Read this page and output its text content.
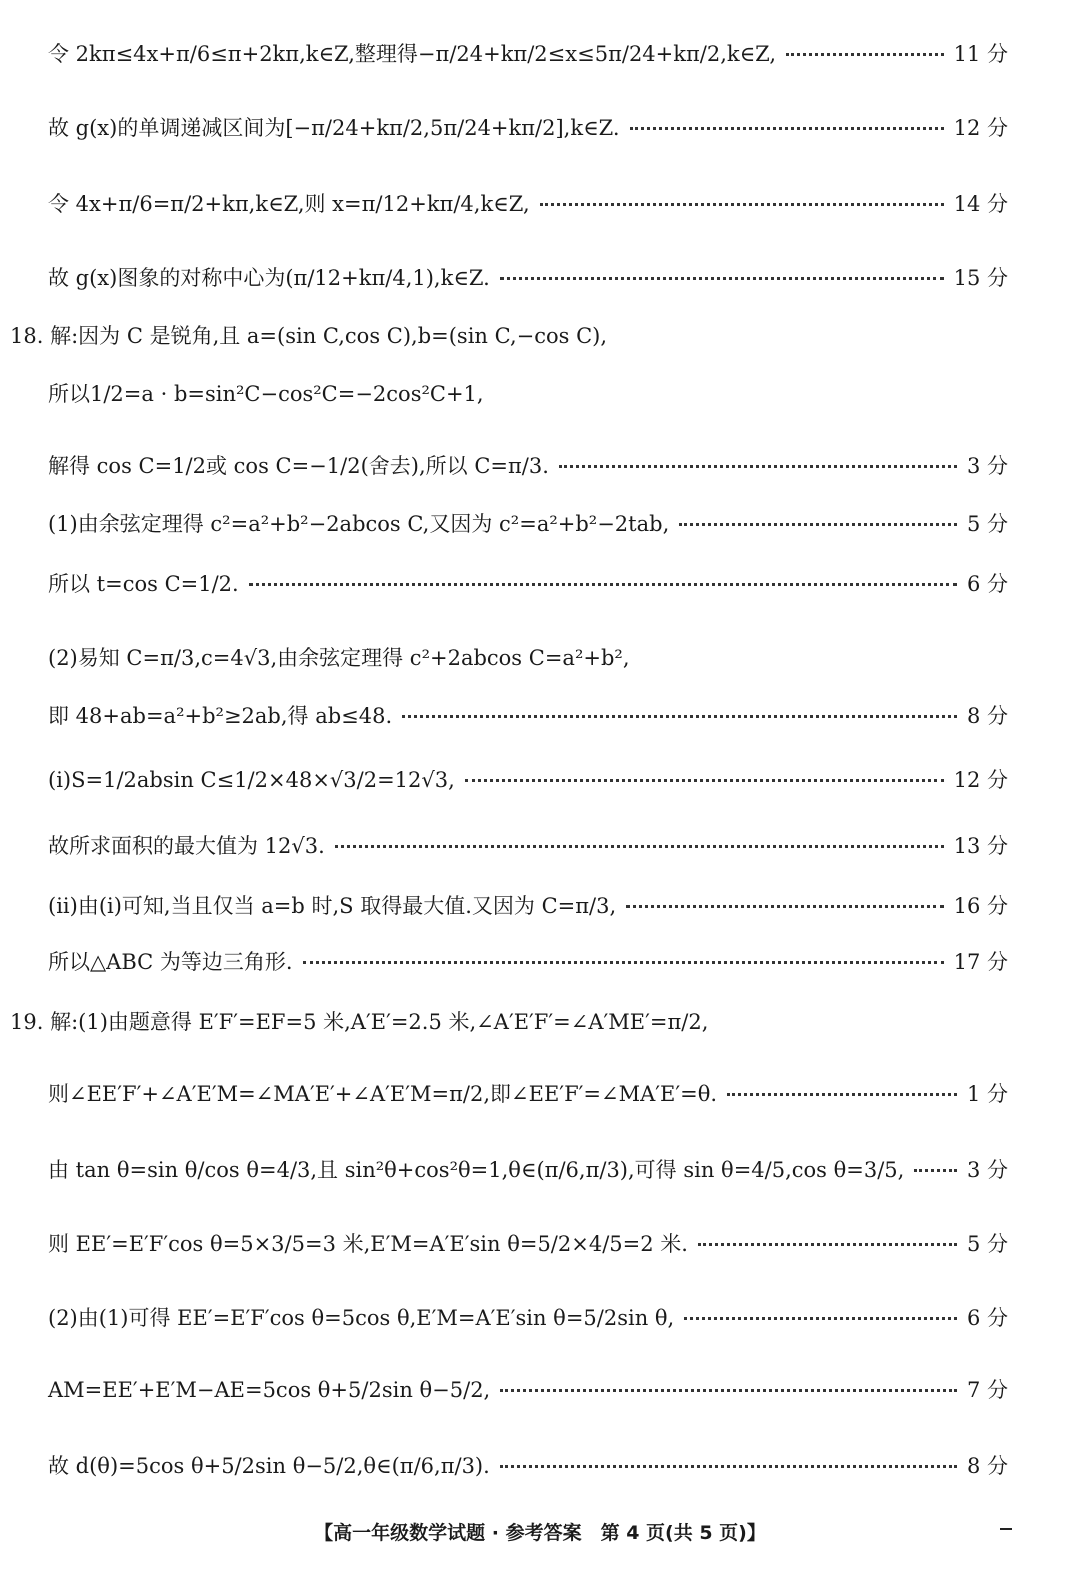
令 2kπ≤4x+π/6≤π+2kπ,k∈Z,整理得−π/24+kπ/2≤x≤5π/24+kπ/2,k∈Z,	11 分
故 g(x)的单调递减区间为[−π/24+kπ/2,5π/24+kπ/2],k∈Z.	12 分
令 4x+π/6=π/2+kπ,k∈Z,则 x=π/12+kπ/4,k∈Z,	14 分
故 g(x)图象的对称中心为(π/12+kπ/4,1),k∈Z.	15 分
18. 解:因为 C 是锐角,且 a=(sin C,cos C),b=(sin C,−cos C),
所以1/2=a · b=sin²C−cos²C=−2cos²C+1,
解得 cos C=1/2或 cos C=−1/2(舍去),所以 C=π/3.	3 分
(1)由余弦定理得 c²=a²+b²−2abcos C,又因为 c²=a²+b²−2tab,	5 分
所以 t=cos C=1/2.	6 分
(2)易知 C=π/3,c=4√3,由余弦定理得 c²+2abcos C=a²+b²,
即 48+ab=a²+b²≥2ab,得 ab≤48.	8 分
(i)S=1/2absin C≤1/2×48×√3/2=12√3,	12 分
故所求面积的最大值为 12√3.	13 分
(ii)由(i)可知,当且仅当 a=b 时,S 取得最大值.又因为 C=π/3,	16 分
所以△ABC 为等边三角形.	17 分
19. 解:(1)由题意得 E′F′=EF=5 米,A′E′=2.5 米,∠A′E′F′=∠A′ME′=π/2,
则∠EE′F′+∠A′E′M=∠MA′E′+∠A′E′M=π/2,即∠EE′F′=∠MA′E′=θ.	1 分
由 tan θ=sin θ/cos θ=4/3,且 sin²θ+cos²θ=1,θ∈(π/6,π/3),可得 sin θ=4/5,cos θ=3/5,	3 分
则 EE′=E′F′cos θ=5×3/5=3 米,E′M=A′E′sin θ=5/2×4/5=2 米.	5 分
(2)由(1)可得 EE′=E′F′cos θ=5cos θ,E′M=A′E′sin θ=5/2sin θ,	6 分
AM=EE′+E′M−AE=5cos θ+5/2sin θ−5/2,	7 分
故 d(θ)=5cos θ+5/2sin θ−5/2,θ∈(π/6,π/3).	8 分
【高一年级数学试题 · 参考答案　第 4 页(共 5 页)】
